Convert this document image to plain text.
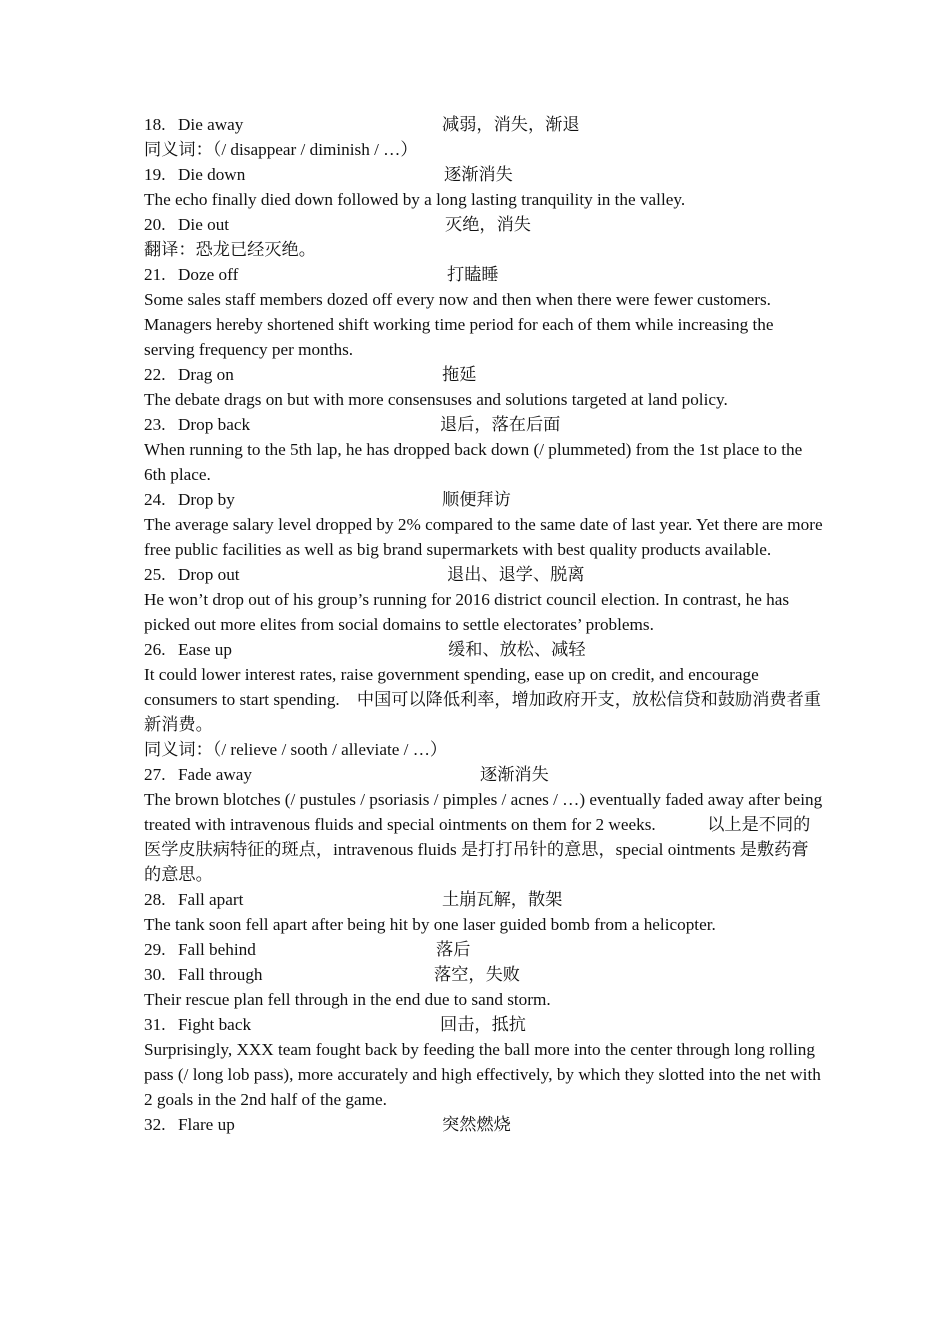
18. Die away	减弱，消失，渐退
同义词：（/ disappear / diminish / …）
19. Die down	逐渐消失
The echo finally died down followed by a long lasting tranquility in the valley.
20. Die out	灭绝，消失
翻译：恐龙已经灭绝。
21. Doze off	打瞌睡
Some sales staff members dozed off every now and then when there were fewer customers.　Managers hereby shortened shift working time period for each of them while increasing the serving frequency per months.
22. Drag on	拖延
The debate drags on but with more consensuses and solutions targeted at land policy.
23. Drop back	退后，落在后面
When running to the 5th lap, he has dropped back down (/ plummeted) from the 1st place to the 6th place.
24. Drop by	顺便拜访
The average salary level dropped by 2% compared to the same date of last year. Yet there are more free public facilities as well as big brand supermarkets with best quality products available.
25. Drop out	退出、退学、脱离
He won’t drop out of his group’s running for 2016 district council election. In contrast, he has picked out more elites from social domains to settle electorates’ problems.
26. Ease up	缓和、放松、减轻
It could lower interest rates, raise government spending, ease up on credit, and encourage consumers to start spending.　中国可以降低利率，增加政府开支，放松信贷和鼓励消费者重新消费。
同义词：（/ relieve / sooth / alleviate / …）
27. Fade away	逐渐消失
The brown blotches (/ pustules / psoriasis / pimples / acnes / …) eventually faded away after being treated with intravenous fluids and special ointments on them for 2 weeks.　　　以上是不同的医学皮肤病特征的斑点，intravenous fluids 是打打吊针的意思，special ointments 是敷药膏的意思。
28. Fall apart	土崩瓦解，散架
The tank soon fell apart after being hit by one laser guided bomb from a helicopter.
29. Fall behind	落后
30. Fall through	落空，失败
Their rescue plan fell through in the end due to sand storm.
31. Fight back	回击，抵抗
Surprisingly, XXX team fought back by feeding the ball more into the center through long rolling pass (/ long lob pass), more accurately and high effectively, by which they slotted into the net with 2 goals in the 2nd half of the game.
32. Flare up	突然燃烧
